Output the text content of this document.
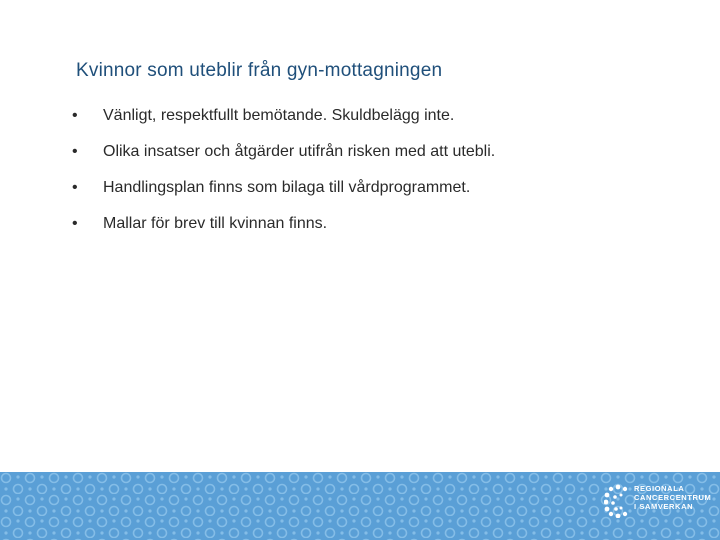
Kvinnor som uteblir från gyn-mottagningen
•	Vänligt, respektfullt bemötande. Skuldbelägg inte.
•	Olika insatser och åtgärder utifrån risken med att utebli.
•	Handlingsplan finns som bilaga till vårdprogrammet.
•	Mallar för brev till kvinnan finns.
REGIONALA
CANCERCENTRUM
I SAMVERKAN
